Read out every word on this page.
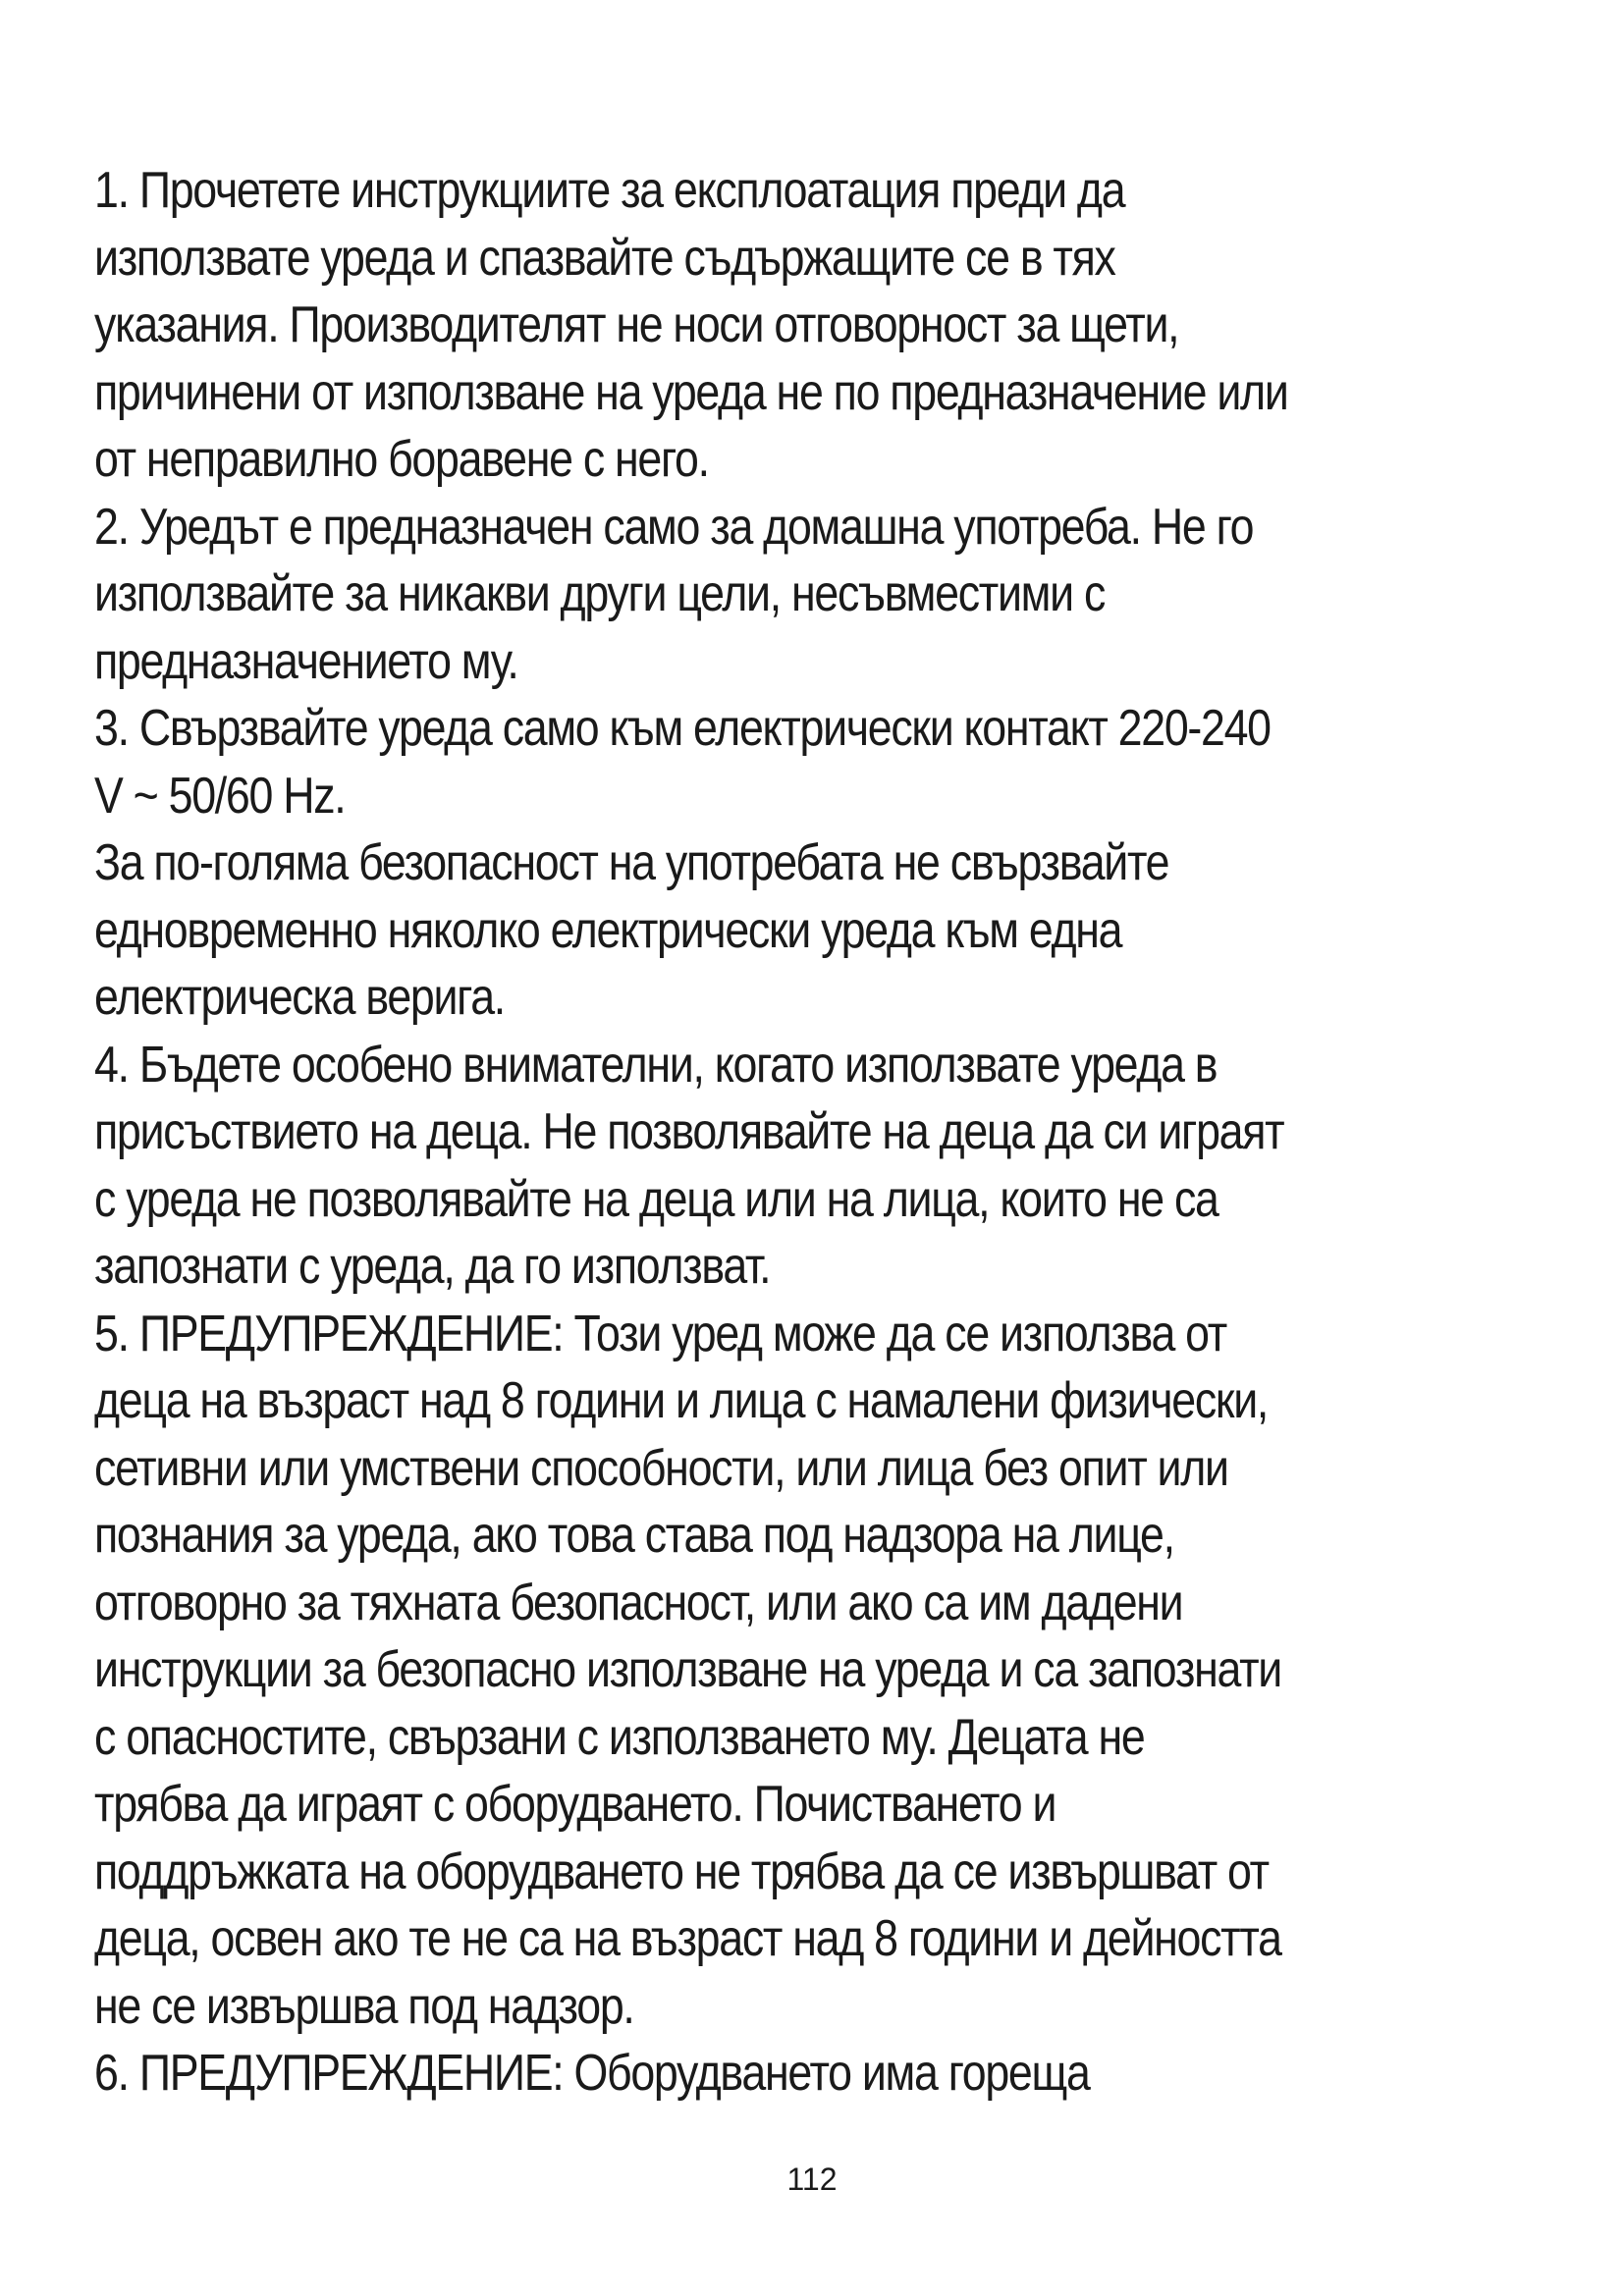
1. Прочетете инструкциите за експлоатация преди да
използвате уреда и спазвайте съдържащите се в тях
указания. Производителят не носи отговорност за щети,
причинени от използване на уреда не по предназначение или
от неправилно боравене с него.
2. Уредът е предназначен само за домашна употреба. Не го
използвайте за никакви други цели, несъвместими с
предназначението му.
3. Свързвайте уреда само към електрически контакт 220-240
V ~ 50/60 Hz.
За по-голяма безопасност на употребата не свързвайте
едновременно няколко електрически уреда към една
електрическа верига.
4. Бъдете особено внимателни, когато използвате уреда в
присъствието на деца. Не позволявайте на деца да си играят
с уреда не позволявайте на деца или на лица, които не са
запознати с уреда, да го използват.
5. ПРЕДУПРЕЖДЕНИЕ: Този уред може да се използва от
деца на възраст над 8 години и лица с намалени физически,
сетивни или умствени способности, или лица без опит или
познания за уреда, ако това става под надзора на лице,
отговорно за тяхната безопасност, или ако са им дадени
инструкции за безопасно използване на уреда и са запознати
с опасностите, свързани с използването му. Децата не
трябва да играят с оборудването. Почистването и
поддръжката на оборудването не трябва да се извършват от
деца, освен ако те не са на възраст над 8 години и дейността
не се извършва под надзор.
6. ПРЕДУПРЕЖДЕНИЕ: Оборудването има гореща
112
